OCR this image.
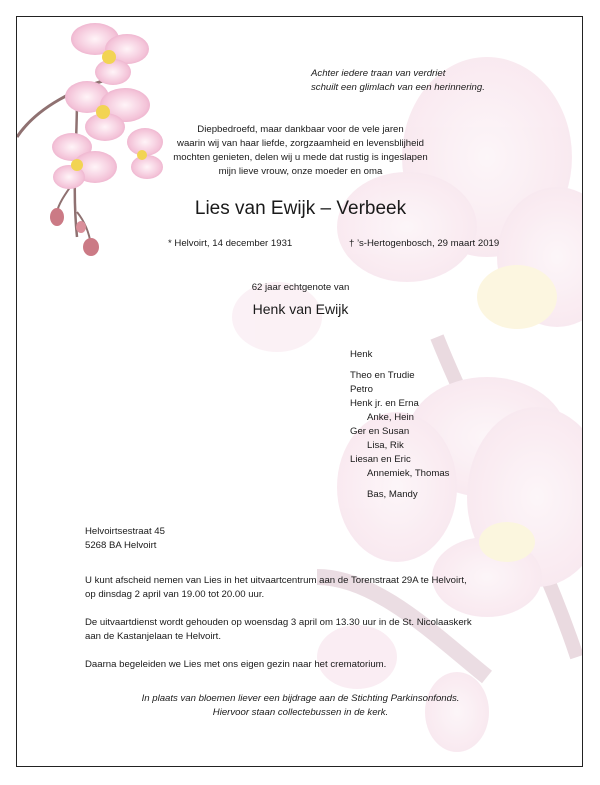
Achter iedere traan van verdriet
schuilt een glimlach van een herinnering.
Diepbedroefd, maar dankbaar voor de vele jaren
waarin wij van haar liefde, zorgzaamheid en levensblijheid
mochten genieten, delen wij u mede dat rustig is ingeslapen
mijn lieve vrouw, onze moeder en oma
Lies van Ewijk – Verbeek
* Helvoirt, 14 december 1931	† ’s-Hertogenbosch, 29 maart 2019
62 jaar echtgenote van
Henk van Ewijk
Henk
Theo en Trudie
Petro
Henk jr. en Erna
Anke, Hein
Ger en Susan
Lisa, Rik
Liesan en Eric
Annemiek, Thomas
Bas, Mandy
Helvoirtsestraat 45
5268 BA Helvoirt
U kunt afscheid nemen van Lies in het uitvaartcentrum aan de Torenstraat 29A te Helvoirt,
op dinsdag 2 april van 19.00 tot 20.00 uur.
De uitvaartdienst wordt gehouden op woensdag 3 april om 13.30 uur in de St. Nicolaaskerk
aan de Kastanjelaan te Helvoirt.
Daarna begeleiden we Lies met ons eigen gezin naar het crematorium.
In plaats van bloemen liever een bijdrage aan de Stichting Parkinsonfonds.
Hiervoor staan collectebussen in de kerk.
